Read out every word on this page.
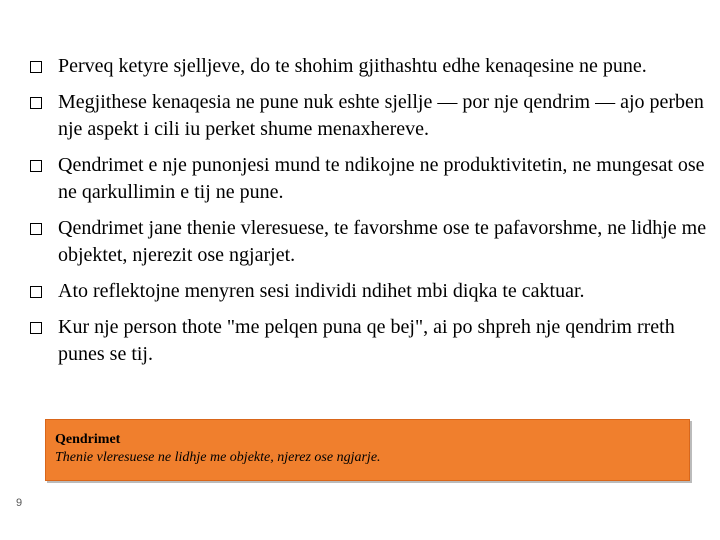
Perveq ketyre sjelljeve, do te shohim gjithashtu edhe kenaqesine ne pune.
Megjithese kenaqesia ne pune nuk eshte sjellje — por nje qendrim — ajo perben nje aspekt i cili iu perket shume menaxhereve.
Qendrimet e nje punonjesi mund te ndikojne ne produktivitetin, ne mungesat ose ne qarkullimin e tij ne pune.
Qendrimet jane thenie vleresuese, te favorshme ose te pafavorshme, ne lidhje me objektet, njerezit ose ngjarjet.
Ato reflektojne menyren sesi individi ndihet mbi diqka te caktuar.
Kur nje person thote "me pelqen puna qe bej", ai po shpreh nje qendrim rreth punes se tij.
Qendrimet
Thenie vleresuese ne lidhje me objekte, njerez ose ngjarje.
9
